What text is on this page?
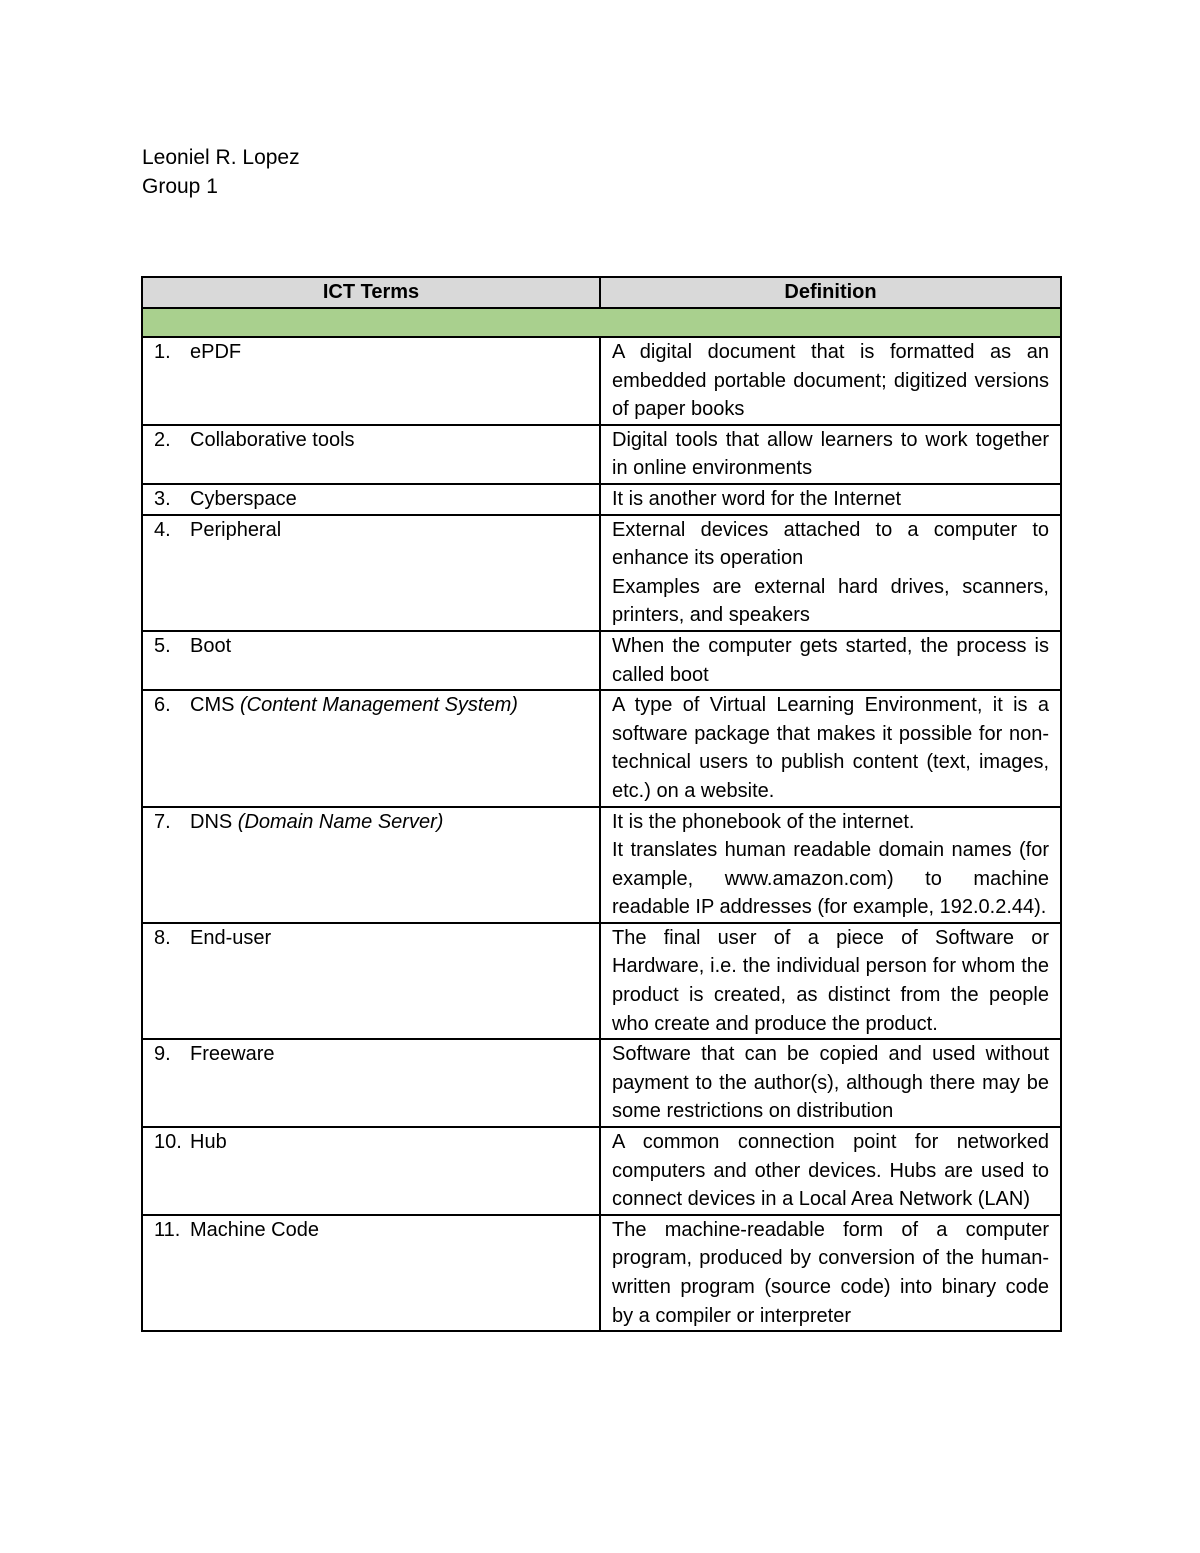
Leoniel R. Lopez
Group 1
ICT Terms	Definition

1. ePDF	A digital document that is formatted as an embedded portable document; digitized versions of paper books

2. Collaborative tools	Digital tools that allow learners to work together in online environments

3. Cyberspace	It is another word for the Internet

4. Peripheral	External devices attached to a computer to enhance its operation
Examples are external hard drives, scanners, printers, and speakers

5. Boot	When the computer gets started, the process is called boot

6. CMS (Content Management System)	A type of Virtual Learning Environment, it is a software package that makes it possible for non-technical users to publish content (text, images, etc.) on a website.

7. DNS (Domain Name Server)	It is the phonebook of the internet.
It translates human readable domain names (for example, www.amazon.com) to machine readable IP addresses (for example, 192.0.2.44).

8. End-user	The final user of a piece of Software or Hardware, i.e. the individual person for whom the product is created, as distinct from the people who create and produce the product.

9. Freeware	Software that can be copied and used without payment to the author(s), although there may be some restrictions on distribution

10. Hub	A common connection point for networked computers and other devices. Hubs are used to connect devices in a Local Area Network (LAN)

11. Machine Code	The machine-readable form of a computer program, produced by conversion of the human-written program (source code) into binary code by a compiler or interpreter
